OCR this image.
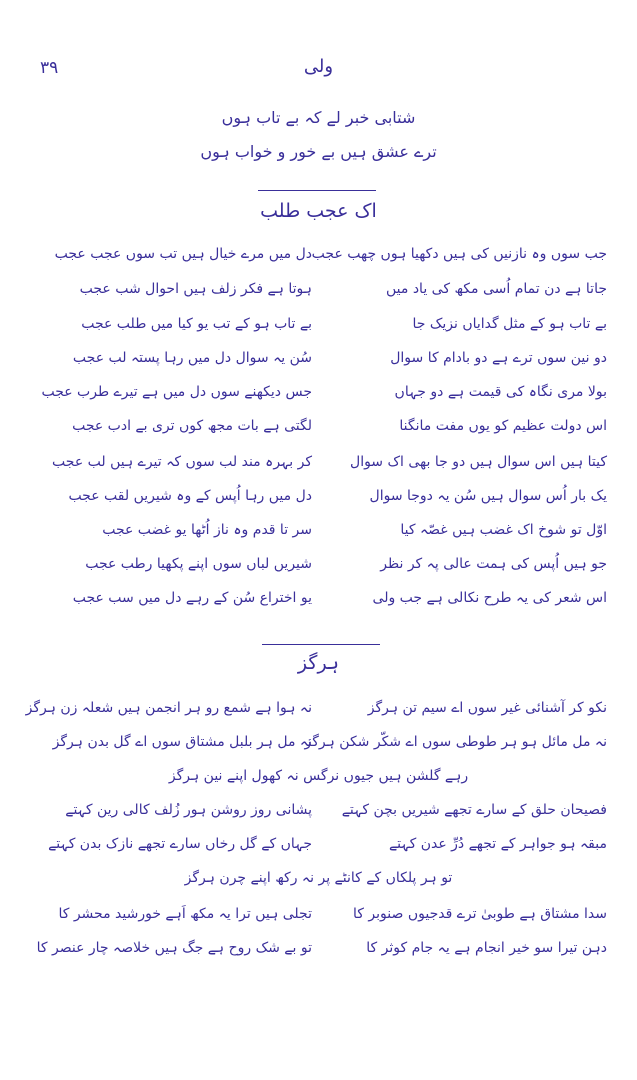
۳۹	ولی
شتابی خبر لے کہ بے تاب ہوں
ترے عشق ہیں بے خور و خواب ہوں
اک عجب طلب
جب سوں وہ نازنیں کی ہیں دکھیا ہوں چھب عجب
جاتا ہے دن تمام اُسی مکھ کی یاد میں
بے تاب ہو کے مثل گدایاں نزیک جا
دو نین سوں ترے ہے دو بادام کا سوال
بولا مری نگاہ کی قیمت ہے دو جہاں
اس دولت عظیم کو یوں مفت مانگنا
کیتا ہیں اس سوال ہیں دو جا بھی اک سوال
یک بار اُس سوال ہیں سُن یہ دوجا سوال
اوّل تو شوخ اک غضب ہیں غصّہ کیا
جو ہیں اُپس کی ہمت عالی پہ کر نظر
اس شعر کی یہ طرح نکالی ہے جب ولی
دل میں مرے خیال ہیں تب سوں عجب عجب
ہوتا ہے فکر زلف ہیں احوال شب عجب
بے تاب ہو کے تب یو کیا میں طلب عجب
سُن یہ سوال دل میں رہا پستہ لب عجب
جس دیکھنے سوں دل میں ہے تیرے طرب عجب
لگتی ہے بات مجھ کوں تری بے ادب عجب
کر بہرہ مند لب سوں کہ تیرے ہیں لب عجب
دل میں رہا اُپس کے وہ شیریں لقب عجب
سر تا قدم وہ ناز اُٹھا یو غضب عجب
شیریں لباں سوں اپنے پکھیا رطب عجب
یو اختراع سُن کے رہے دل میں سب عجب
ہرگز
نکو کر آشنائی غیر سوں اے سیم تن ہرگز
نہ مل مائل ہو ہر طوطی سوں اے شکّر شکن ہرگز
نہ ہوا ہے شمع رو ہر انجمن ہیں شعلہ زن ہرگز
نہ مل ہر بلبل مشتاق سوں اے گل بدن ہرگز
رہے گلشن ہیں جیوں نرگس نہ کھول اپنے نین ہرگز
فصیحان حلق کے سارے تجھے شیریں بچن کہتے
مبقہ ہو جواہر کے تجھے دُرِّ عدن کہتے
پشانی روز روشن ہور زُلف کالی رین کہتے
جہاں کے گل رخاں سارے تجھے نازک بدن کہتے
تو ہر پلکاں کے کانٹے پر نہ رکھ اپنے چرن ہرگز
سدا مشتاق ہے طوبیٰ ترے قدجیوں صنوبر کا
دہن تیرا سو خیر انجام ہے یہ جام کوثر کا
تجلی ہیں ترا یہ مکھ اَہے خورشید محشر کا
تو بے شک روح ہے جگ ہیں خلاصہ چار عنصر کا
